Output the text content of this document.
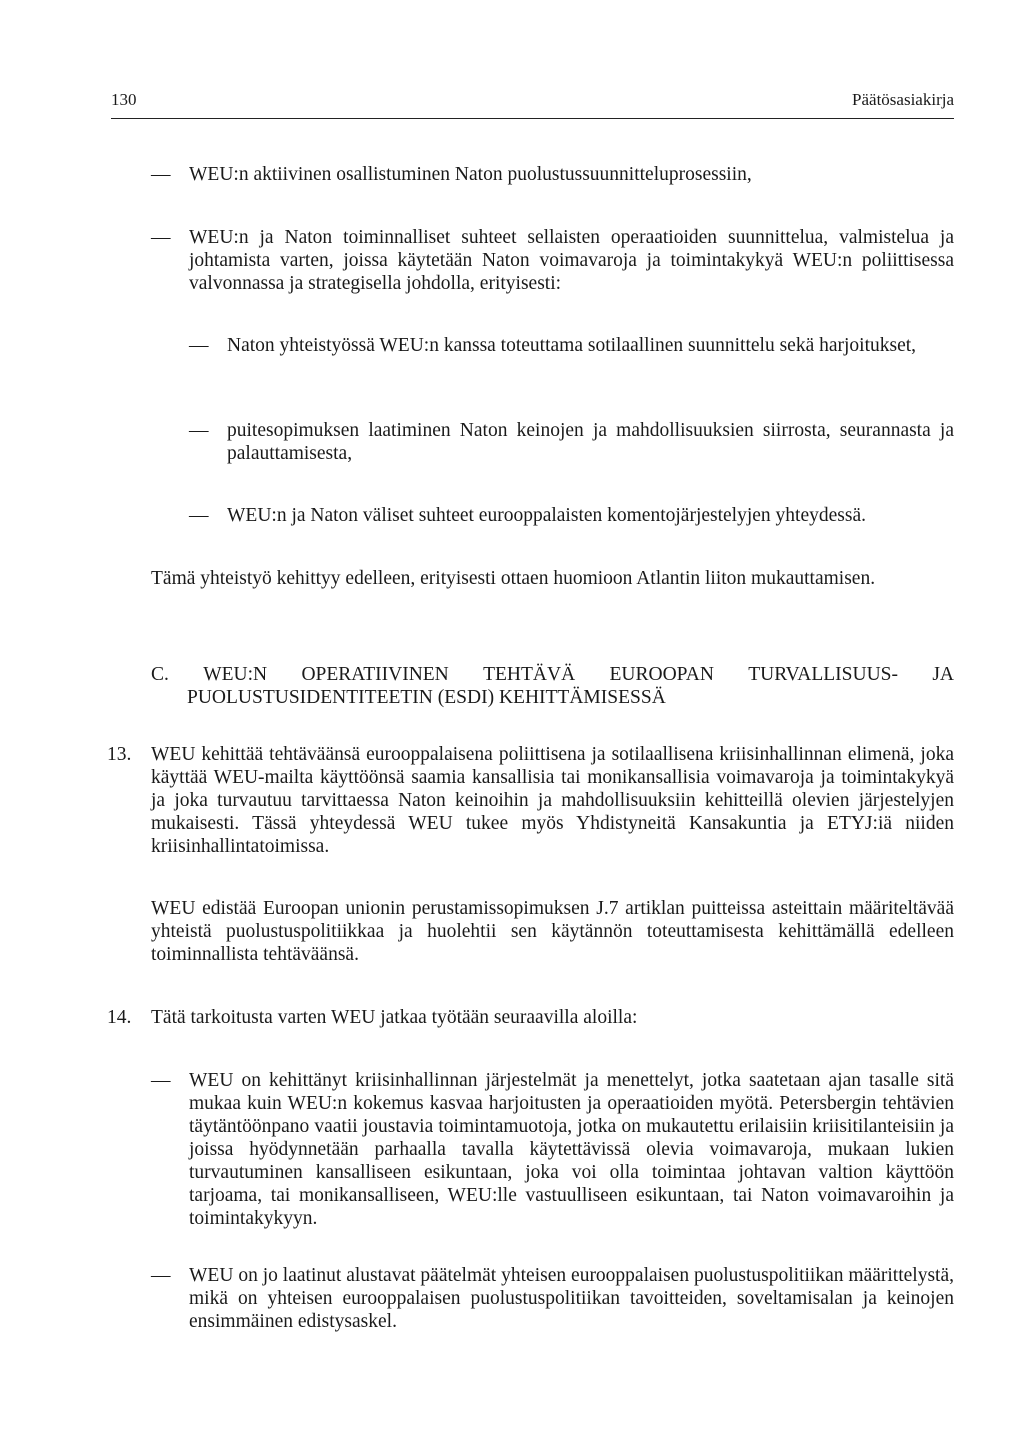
130	Päätösasiakirja

— WEU:n aktiivinen osallistuminen Naton puolustussuunnitteluprosessiin,

— WEU:n ja Naton toiminnalliset suhteet sellaisten operaatioiden suunnittelua, valmistelua ja johtamista varten, joissa käytetään Naton voimavaroja ja toimintakykyä WEU:n poliittisessa valvonnassa ja strategisella johdolla, erityisesti:

— Naton yhteistyössä WEU:n kanssa toteuttama sotilaallinen suunnittelu sekä harjoitukset,

— puitesopimuksen laatiminen Naton keinojen ja mahdollisuuksien siirrosta, seurannasta ja palauttamisesta,

— WEU:n ja Naton väliset suhteet eurooppalaisten komentojärjestelyjen yhteydessä.

Tämä yhteistyö kehittyy edelleen, erityisesti ottaen huomioon Atlantin liiton mukauttamisen.

C. WEU:N OPERATIIVINEN TEHTÄVÄ EUROOPAN TURVALLISUUS- JA
PUOLUSTUSIDENTITEETIN (ESDI) KEHITTÄMISESSÄ

13. WEU kehittää tehtäväänsä eurooppalaisena poliittisena ja sotilaallisena kriisinhallinnan elimenä, joka käyttää WEU-mailta käyttöönsä saamia kansallisia tai monikansallisia voimavaroja ja toimintakykyä ja joka turvautuu tarvittaessa Naton keinoihin ja mahdollisuuksiin kehitteillä olevien järjestelyjen mukaisesti. Tässä yhteydessä WEU tukee myös Yhdistyneitä Kansakuntia ja ETYJ:iä niiden kriisinhallintatoimissa.

WEU edistää Euroopan unionin perustamissopimuksen J.7 artiklan puitteissa asteittain määriteltävää yhteistä puolustuspolitiikkaa ja huolehtii sen käytännön toteuttamisesta kehittämällä edelleen toiminnallista tehtäväänsä.

14. Tätä tarkoitusta varten WEU jatkaa työtään seuraavilla aloilla:

— WEU on kehittänyt kriisinhallinnan järjestelmät ja menettelyt, jotka saatetaan ajan tasalle sitä mukaa kuin WEU:n kokemus kasvaa harjoitusten ja operaatioiden myötä. Petersbergin tehtävien täytäntöönpano vaatii joustavia toimintamuotoja, jotka on mukautettu erilaisiin kriisitilanteisiin ja joissa hyödynnetään parhaalla tavalla käytettävissä olevia voimavaroja, mukaan lukien turvautuminen kansalliseen esikuntaan, joka voi olla toimintaa johtavan valtion käyttöön tarjoama, tai monikansalliseen, WEU:lle vastuulliseen esikuntaan, tai Naton voimavaroihin ja toimintakykyyn.

— WEU on jo laatinut alustavat päätelmät yhteisen eurooppalaisen puolustuspolitiikan määrittelystä, mikä on yhteisen eurooppalaisen puolustuspolitiikan tavoitteiden, soveltamisalan ja keinojen ensimmäinen edistysaskel.
